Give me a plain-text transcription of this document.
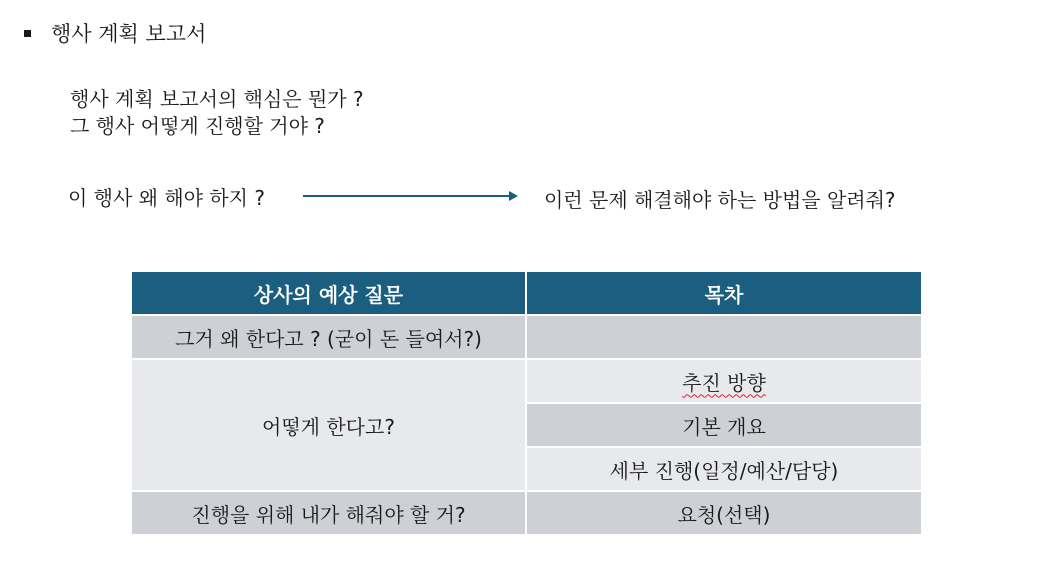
행사 계획 보고서
행사 계획 보고서의 핵심은 뭔가 ?
그 행사 어떻게 진행할 거야 ?
이 행사 왜 해야 하지 ?	이런 문제 해결해야 하는 방법을 알려줘?
상사의 예상 질문	목차
그거 왜 한다고 ? (굳이 돈 들여서?)	
어떻게 한다고?	추진 방향
	기본 개요
	세부 진행(일정/예산/담당)
진행을 위해 내가 해줘야 할 거?	요청(선택)
